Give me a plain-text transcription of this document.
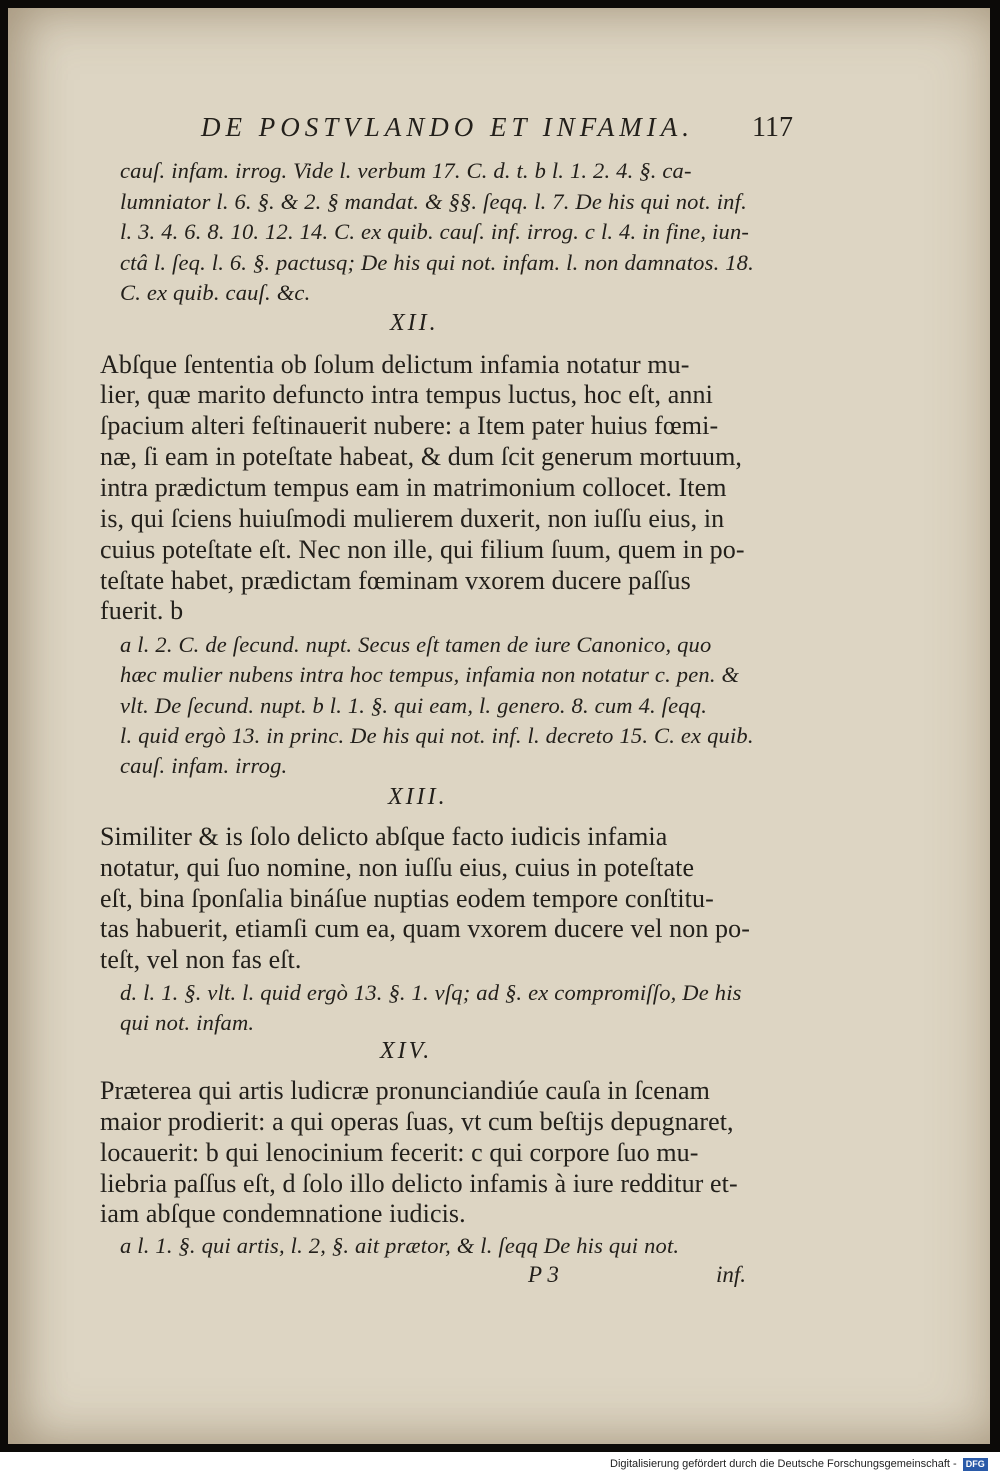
DE POSTVLANDO ET INFAMIA. 117
cauſ. infam. irrog. Vide l. verbum 17. C. d. t. b l. 1. 2. 4. §. ca-
lumniator l. 6. §. & 2. § mandat. & §§. ſeqq. l. 7. De his qui not. inf.
l. 3. 4. 6. 8. 10. 12. 14. C. ex quib. cauſ. inf. irrog. c l. 4. in fine, iun-
ctâ l. ſeq. l. 6. §. pactusq; De his qui not. infam. l. non damnatos. 18.
C. ex quib. cauſ. &c.
XII.
Abſque ſententia ob ſolum delictum infamia notatur mu-
lier, quæ marito defuncto intra tempus luctus, hoc eſt, anni
ſpacium alteri feſtinauerit nubere: a Item pater huius fœmi-
næ, ſi eam in poteſtate habeat, & dum ſcit generum mortuum,
intra prædictum tempus eam in matrimonium collocet. Item
is, qui ſciens huiuſmodi mulierem duxerit, non iuſſu eius, in
cuius poteſtate eſt. Nec non ille, qui filium ſuum, quem in po-
teſtate habet, prædictam fœminam vxorem ducere paſſus
fuerit. b
a l. 2. C. de ſecund. nupt. Secus eſt tamen de iure Canonico, quo
hæc mulier nubens intra hoc tempus, infamia non notatur c. pen. &
vlt. De ſecund. nupt. b l. 1. §. qui eam, l. genero. 8. cum 4. ſeqq.
l. quid ergò 13. in princ. De his qui not. inf. l. decreto 15. C. ex quib.
cauſ. infam. irrog.
XIII.
Similiter & is ſolo delicto abſque facto iudicis infamia
notatur, qui ſuo nomine, non iuſſu eius, cuius in poteſtate
eſt, bina ſponſalia bináſue nuptias eodem tempore conſtitu-
tas habuerit, etiamſi cum ea, quam vxorem ducere vel non po-
teſt, vel non fas eſt.
d. l. 1. §. vlt. l. quid ergò 13. §. 1. vſq; ad §. ex compromiſſo, De his
qui not. infam.
XIV.
Præterea qui artis ludicræ pronunciandiúe cauſa in ſcenam
maior prodierit: a qui operas ſuas, vt cum beſtijs depugnaret,
locauerit: b qui lenocinium fecerit: c qui corpore ſuo mu-
liebria paſſus eſt, d ſolo illo delicto infamis à iure redditur et-
iam abſque condemnatione iudicis.
a l. 1. §. qui artis, l. 2, §. ait prætor, & l. ſeqq De his qui not.
P 3	inf.
Digitalisierung gefördert durch die Deutsche Forschungsgemeinschaft - DFG
